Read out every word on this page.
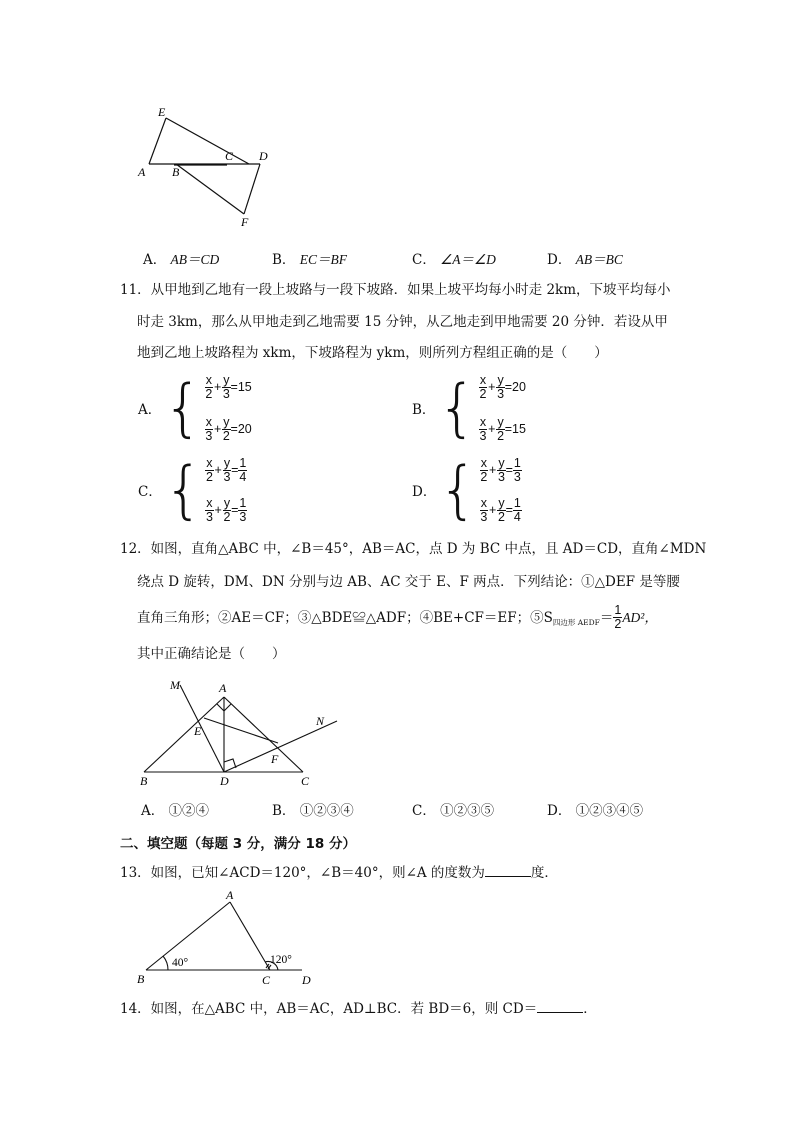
E
A B
C D
F
A． AB＝CD	B． EC＝BF	C． ∠A＝∠D	D． AB＝BC
11．从甲地到乙地有一段上坡路与一段下坡路．如果上坡平均每小时走 2km，下坡平均每小
时走 3km，那么从甲地走到乙地需要 15 分钟，从乙地走到甲地需要 20 分钟．若设从甲
地到乙地上坡路程为 xkm，下坡路程为 ykm，则所列方程组正确的是（　　）
A． { $\frac{x}{2} + \frac{y}{3} =15$
$\frac{x}{3} + \frac{y}{2} =20$
B． { $\frac{x}{2} + \frac{y}{3} =20$
$\frac{x}{3} + \frac{y}{2} =15$
C． { $\frac{x}{2} + \frac{y}{3} = \frac{1}{4}$
$\frac{x}{3} + \frac{y}{2} = \frac{1}{3}$
D． { $\frac{x}{2} + \frac{y}{3} = \frac{1}{3}$
$\frac{x}{3} + \frac{y}{2} = \frac{1}{4}$
12．如图，直角△ABC 中，∠B＝45°，AB＝AC，点 D 为 BC 中点，且 AD＝CD，直角∠MDN
绕点 D 旋转，DM、DN 分别与边 AB、AC 交于 E、F 两点．下列结论：①△DEF 是等腰
直角三角形；②AE＝CF；③△BDE≌△ADF；④BE+CF＝EF；⑤S 四边形 AEDF ＝ $\frac{1}{2} AD^2$，
其中正确结论是（　　）
M	A
N
E
F
B	D	C
A． ①②④	B． ①②③④	C． ①②③⑤	D． ①②③④⑤
二、填空题（每题 3 分，满分 18 分）
13．如图，已知∠ACD＝120°，∠B＝40°，则∠A 的度数为	度．
A
B	C	D
40°	120°
14．如图，在△ABC 中，AB＝AC，AD⊥BC．若 BD＝6，则 CD＝	．
